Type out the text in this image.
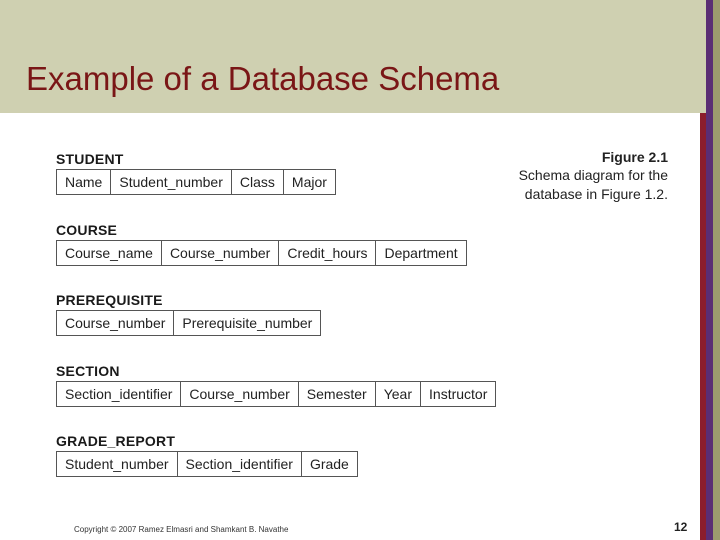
Example of a Database Schema
Figure 2.1
Schema diagram for the
database in Figure 1.2.
STUDENT
Name	Student_number	Class	Major
COURSE
Course_name	Course_number	Credit_hours	Department
PREREQUISITE
Course_number	Prerequisite_number
SECTION
Section_identifier	Course_number	Semester	Year	Instructor
GRADE_REPORT
Student_number	Section_identifier	Grade
Copyright © 2007 Ramez Elmasri and Shamkant B. Navathe	12
